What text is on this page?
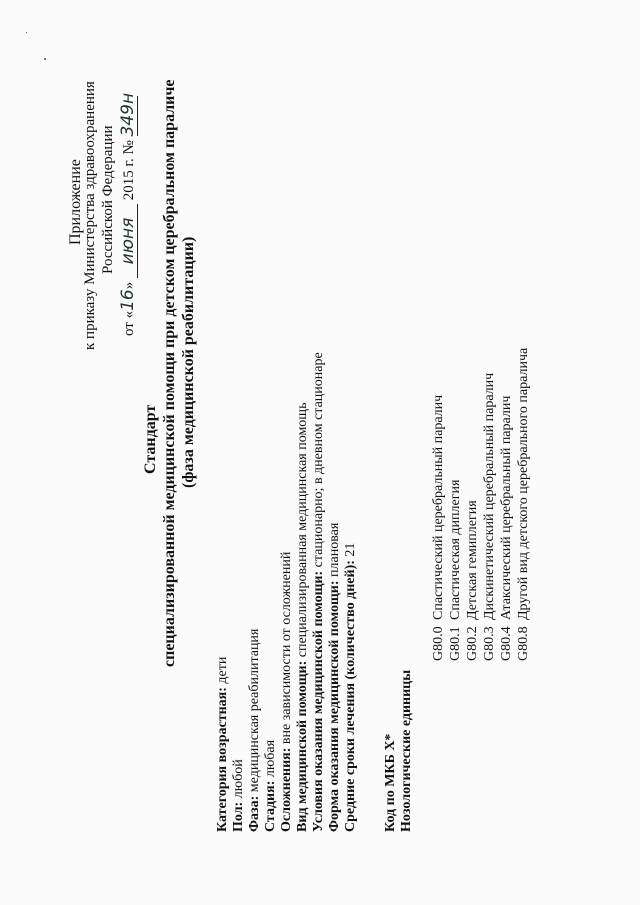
Приложение
к приказу Министерства здравоохранения Российской Федерации
от «16» июня 2015 г. № 349н
Стандарт специализированной медицинской помощи при детском церебральном параличе (фаза медицинской реабилитации)
Категория возрастная: дети
Пол: любой
Фаза: медицинская реабилитация
Стадия: любая Осложнения: вне зависимости от осложнений Вид медицинской помощи: специализированная медицинская помощь
Условия оказания медицинской помощи: стационарно; в дневном стационаре
Форма оказания медицинской помощи: плановая
Средние сроки лечения (количество дней): 21
Код по МКБ X* Нозологические единицы
G80.0
Спастический церебральный паралич
G80.1
Спастическая диплегия
G80.2
Детская гемиплегия
G80.3
Дискинетический церебральный паралич
G80.4
Атаксический церебральный паралич
G80.8
Другой вид детского церебрального паралича
